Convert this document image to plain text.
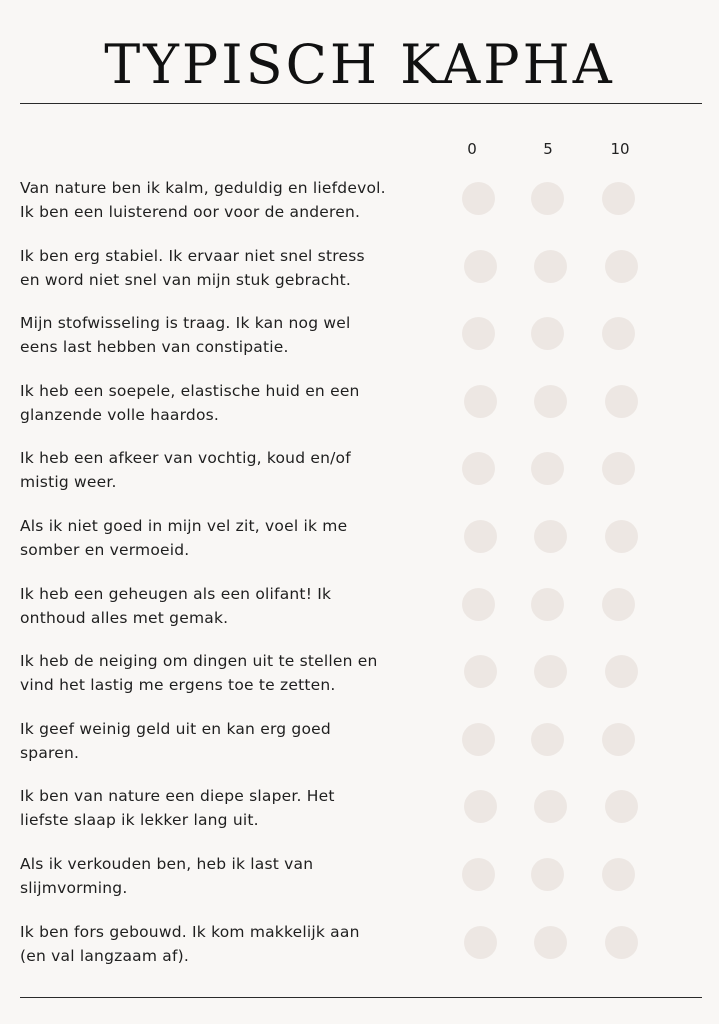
TYPISCH KAPHA
0	5	10
Van nature ben ik kalm, geduldig en liefdevol.
Ik ben een luisterend oor voor de anderen.
Ik ben erg stabiel. Ik ervaar niet snel stress
en word niet snel van mijn stuk gebracht.
Mijn stofwisseling is traag. Ik kan nog wel
eens last hebben van constipatie.
Ik heb een soepele, elastische huid en een
glanzende volle haardos.
Ik heb een afkeer van vochtig, koud en/of
mistig weer.
Als ik niet goed in mijn vel zit, voel ik me
somber en vermoeid.
Ik heb een geheugen als een olifant! Ik
onthoud alles met gemak.
Ik heb de neiging om dingen uit te stellen en
vind het lastig me ergens toe te zetten.
Ik geef weinig geld uit en kan erg goed
sparen.
Ik ben van nature een diepe slaper. Het
liefste slaap ik lekker lang uit.
Als ik verkouden ben, heb ik last van
slijmvorming.
Ik ben fors gebouwd. Ik kom makkelijk aan
(en val langzaam af).
